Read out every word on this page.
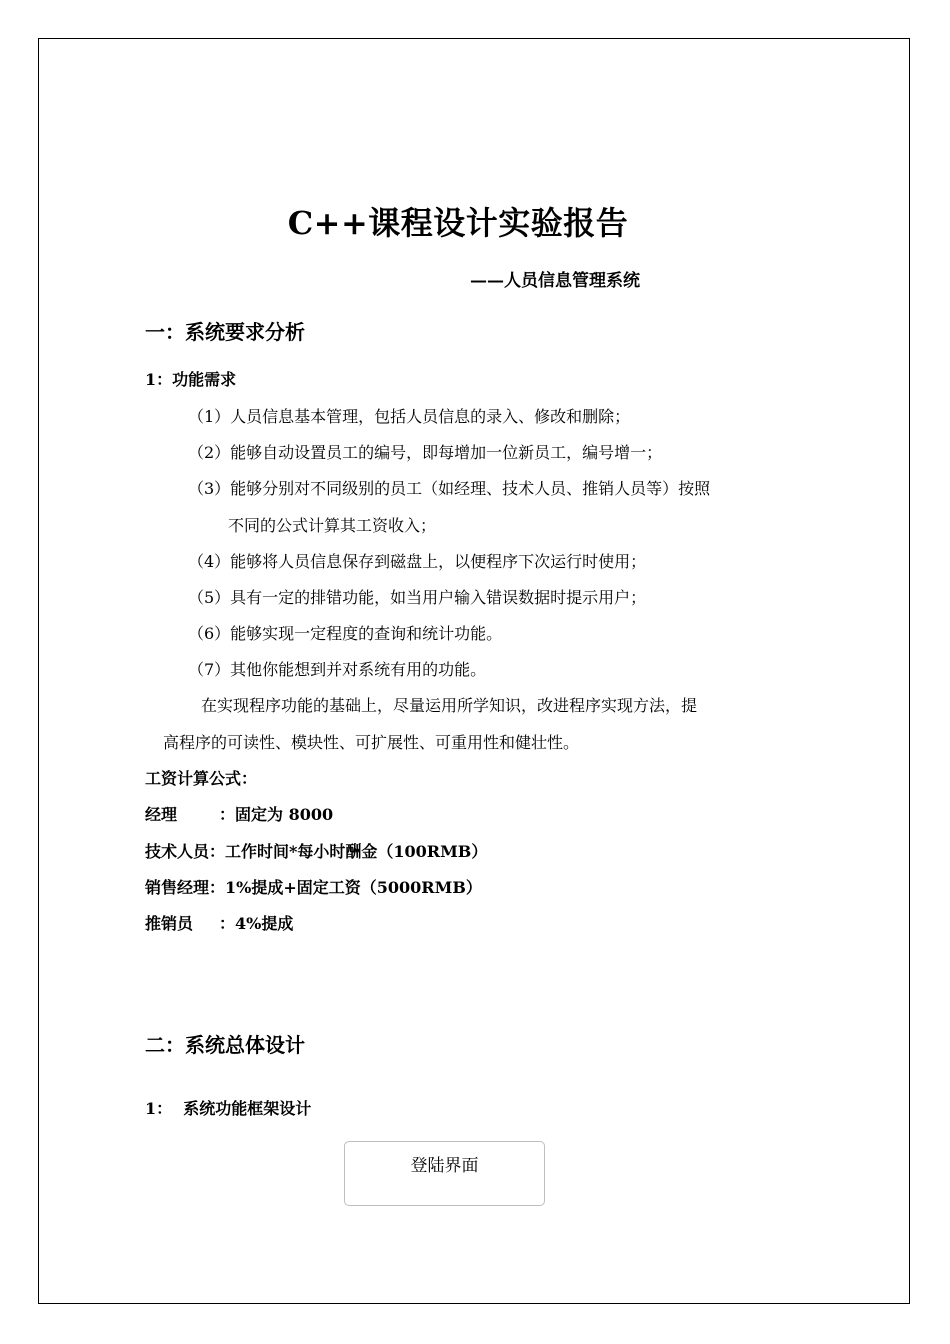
C++课程设计实验报告
——人员信息管理系统
一：系统要求分析
1：功能需求
（1）人员信息基本管理，包括人员信息的录入、修改和删除；
（2）能够自动设置员工的编号，即每增加一位新员工，编号增一；
（3）能够分别对不同级别的员工（如经理、技术人员、推销人员等）按照
不同的公式计算其工资收入；
（4）能够将人员信息保存到磁盘上，以便程序下次运行时使用；
（5）具有一定的排错功能，如当用户输入错误数据时提示用户；
（6）能够实现一定程度的查询和统计功能。
（7）其他你能想到并对系统有用的功能。
在实现程序功能的基础上，尽量运用所学知识，改进程序实现方法，提
高程序的可读性、模块性、可扩展性、可重用性和健壮性。
工资计算公式：
经理	：固定为 8000
技术人员：工作时间*每小时酬金（100RMB）
销售经理：1%提成+固定工资（5000RMB）
推销员 ：4%提成
二：系统总体设计
1：  系统功能框架设计
登陆界面
